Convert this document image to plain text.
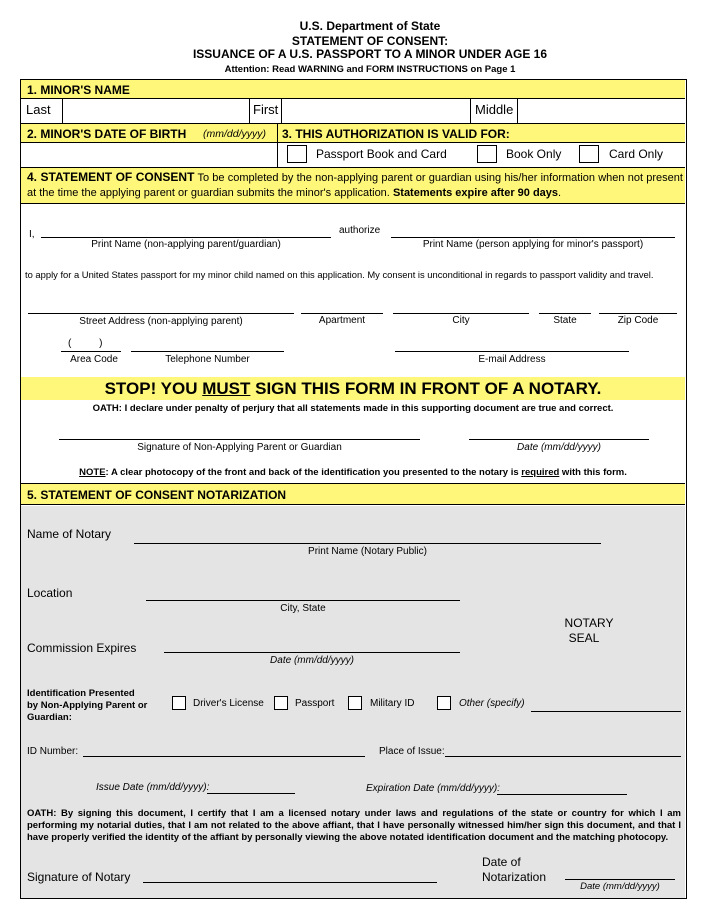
U.S. Department of State
STATEMENT OF CONSENT:
ISSUANCE OF A U.S. PASSPORT TO A MINOR UNDER AGE 16
Attention: Read WARNING and FORM INSTRUCTIONS on Page 1
1. MINOR'S NAME
Last	First	Middle
2. MINOR'S DATE OF BIRTH (mm/dd/yyyy) 3. THIS AUTHORIZATION IS VALID FOR:
Passport Book and Card	Book Only	Card Only
4. STATEMENT OF CONSENT To be completed by the non-applying parent or guardian using his/her information when not present at the time the applying parent or guardian submits the minor's application. Statements expire after 90 days.
I,	authorize
Print Name (non-applying parent/guardian)	Print Name (person applying for minor's passport)
to apply for a United States passport for my minor child named on this application. My consent is unconditional in regards to passport validity and travel.
Street Address (non-applying parent)	Apartment	City	State	Zip Code
(          )
Area Code	Telephone Number	E-mail Address
STOP! YOU MUST SIGN THIS FORM IN FRONT OF A NOTARY.
OATH: I declare under penalty of perjury that all statements made in this supporting document are true and correct.
Signature of Non-Applying Parent or Guardian	Date (mm/dd/yyyy)
NOTE: A clear photocopy of the front and back of the identification you presented to the notary is required with this form.
5. STATEMENT OF CONSENT NOTARIZATION
Name of Notary
Print Name (Notary Public)
Location
City, State
NOTARY
SEAL
Commission Expires
Date (mm/dd/yyyy)
Identification Presented
by Non-Applying Parent or
Guardian:
Driver's License	Passport	Military ID	Other (specify)
ID Number:	Place of Issue:
Issue Date (mm/dd/yyyy):	Expiration Date (mm/dd/yyyy):
OATH: By signing this document, I certify that I am a licensed notary under laws and regulations of the state or country for which I am performing my notarial duties, that I am not related to the above affiant, that I have personally witnessed him/her sign this document, and that I have properly verified the identity of the affiant by personally viewing the above notated identification document and the matching photocopy.
Signature of Notary
Date of
Notarization
Date (mm/dd/yyyy)
